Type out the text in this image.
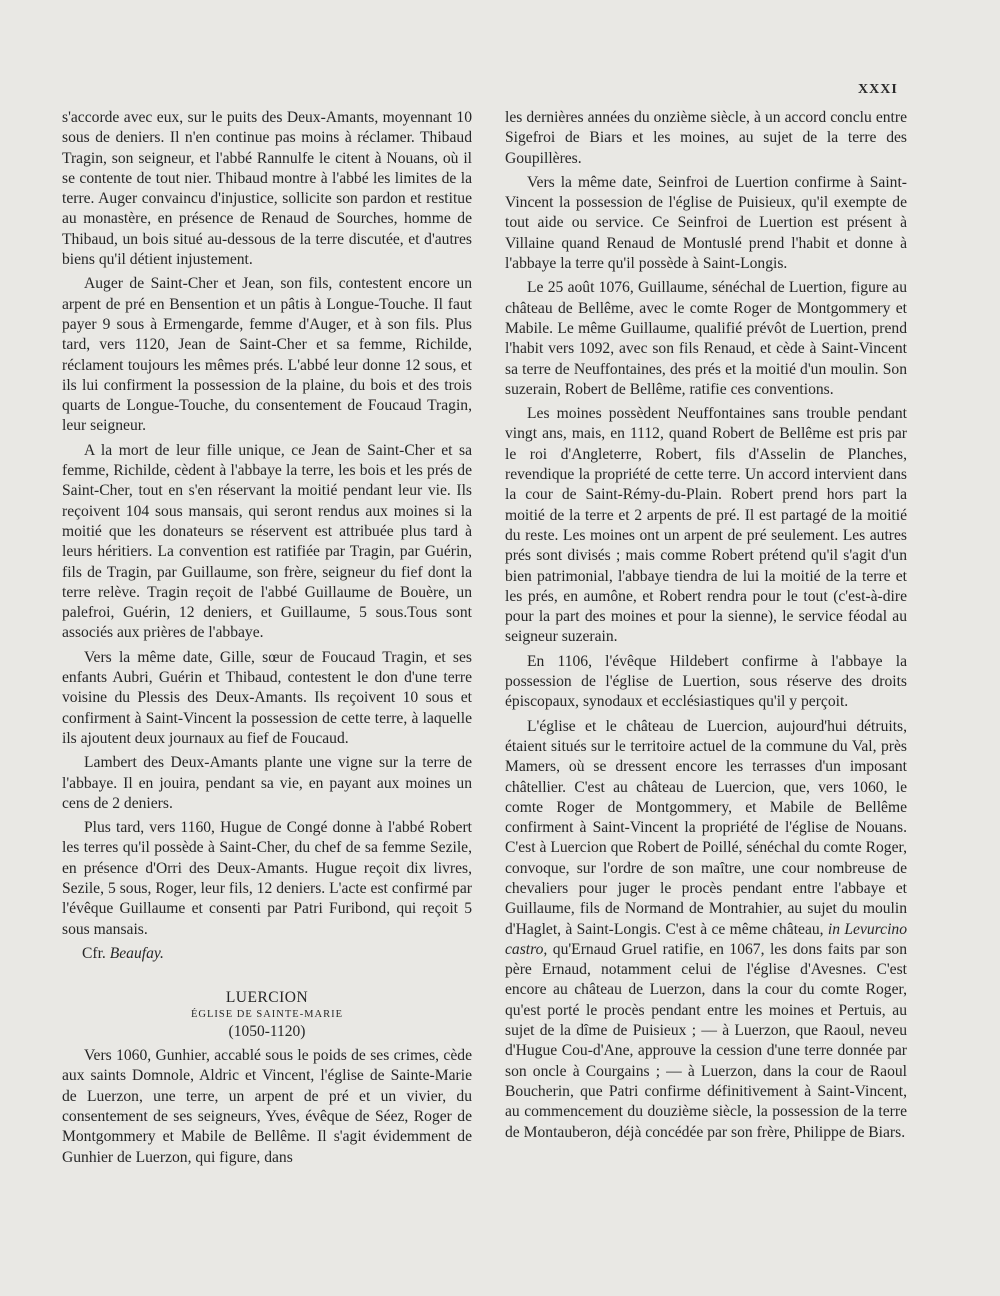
XXXI

s'accorde avec eux, sur le puits des Deux-Amants, moyennant 10 sous de deniers. Il n'en continue pas moins à réclamer. Thibaud Tragin, son seigneur, et l'abbé Rannulfe le citent à Nouans, où il se contente de tout nier. Thibaud montre à l'abbé les limites de la terre. Auger convaincu d'injustice, sollicite son pardon et restitue au monastère, en présence de Renaud de Sourches, homme de Thibaud, un bois situé au-dessous de la terre discutée, et d'autres biens qu'il détient injustement.

Auger de Saint-Cher et Jean, son fils, contestent encore un arpent de pré en Bensention et un pâtis à Longue-Touche. Il faut payer 9 sous à Ermengarde, femme d'Auger, et à son fils. Plus tard, vers 1120, Jean de Saint-Cher et sa femme, Richilde, réclament toujours les mêmes prés. L'abbé leur donne 12 sous, et ils lui confirment la possession de la plaine, du bois et des trois quarts de Longue-Touche, du consentement de Foucaud Tragin, leur seigneur.

A la mort de leur fille unique, ce Jean de Saint-Cher et sa femme, Richilde, cèdent à l'abbaye la terre, les bois et les prés de Saint-Cher, tout en s'en réservant la moitié pendant leur vie. Ils reçoivent 104 sous mansais, qui seront rendus aux moines si la moitié que les donateurs se réservent est attribuée plus tard à leurs héritiers. La convention est ratifiée par Tragin, par Guérin, fils de Tragin, par Guillaume, son frère, seigneur du fief dont la terre relève. Tragin reçoit de l'abbé Guillaume de Bouère, un palefroi, Guérin, 12 deniers, et Guillaume, 5 sous.Tous sont associés aux prières de l'abbaye.

Vers la même date, Gille, sœur de Foucaud Tragin, et ses enfants Aubri, Guérin et Thibaud, contestent le don d'une terre voisine du Plessis des Deux-Amants. Ils reçoivent 10 sous et confirment à Saint-Vincent la possession de cette terre, à laquelle ils ajoutent deux journaux au fief de Foucaud.

Lambert des Deux-Amants plante une vigne sur la terre de l'abbaye. Il en jouira, pendant sa vie, en payant aux moines un cens de 2 deniers.

Plus tard, vers 1160, Hugue de Congé donne à l'abbé Robert les terres qu'il possède à Saint-Cher, du chef de sa femme Sezile, en présence d'Orri des Deux-Amants. Hugue reçoit dix livres, Sezile, 5 sous, Roger, leur fils, 12 deniers. L'acte est confirmé par l'évêque Guillaume et consenti par Patri Furibond, qui reçoit 5 sous mansais.

Cfr. Beaufay.
LUERCION
ÉGLISE DE SAINTE-MARIE
(1050-1120)

Vers 1060, Gunhier, accablé sous le poids de ses crimes, cède aux saints Domnole, Aldric et Vincent, l'église de Sainte-Marie de Luerzon, une terre, un arpent de pré et un vivier, du consentement de ses seigneurs, Yves, évêque de Séez, Roger de Montgommery et Mabile de Bellême. Il s'agit évidemment de Gunhier de Luerzon, qui figure, dans

les dernières années du onzième siècle, à un accord conclu entre Sigefroi de Biars et les moines, au sujet de la terre des Goupillères.

Vers la même date, Seinfroi de Luertion confirme à Saint-Vincent la possession de l'église de Puisieux, qu'il exempte de tout aide ou service. Ce Seinfroi de Luertion est présent à Villaine quand Renaud de Montuslé prend l'habit et donne à l'abbaye la terre qu'il possède à Saint-Longis.

Le 25 août 1076, Guillaume, sénéchal de Luertion, figure au château de Bellême, avec le comte Roger de Montgommery et Mabile. Le même Guillaume, qualifié prévôt de Luertion, prend l'habit vers 1092, avec son fils Renaud, et cède à Saint-Vincent sa terre de Neuffontaines, des prés et la moitié d'un moulin. Son suzerain, Robert de Bellême, ratifie ces conventions.

Les moines possèdent Neuffontaines sans trouble pendant vingt ans, mais, en 1112, quand Robert de Bellême est pris par le roi d'Angleterre, Robert, fils d'Asselin de Planches, revendique la propriété de cette terre. Un accord intervient dans la cour de Saint-Rémy-du-Plain. Robert prend hors part la moitié de la terre et 2 arpents de pré. Il est partagé de la moitié du reste. Les moines ont un arpent de pré seulement. Les autres prés sont divisés ; mais comme Robert prétend qu'il s'agit d'un bien patrimonial, l'abbaye tiendra de lui la moitié de la terre et les prés, en aumône, et Robert rendra pour le tout (c'est-à-dire pour la part des moines et pour la sienne), le service féodal au seigneur suzerain.

En 1106, l'évêque Hildebert confirme à l'abbaye la possession de l'église de Luertion, sous réserve des droits épiscopaux, synodaux et ecclésiastiques qu'il y perçoit.

L'église et le château de Luercion, aujourd'hui détruits, étaient situés sur le territoire actuel de la commune du Val, près Mamers, où se dressent encore les terrasses d'un imposant châtellier. C'est au château de Luercion, que, vers 1060, le comte Roger de Montgommery, et Mabile de Bellême confirment à Saint-Vincent la propriété de l'église de Nouans. C'est à Luercion que Robert de Poillé, sénéchal du comte Roger, convoque, sur l'ordre de son maître, une cour nombreuse de chevaliers pour juger le procès pendant entre l'abbaye et Guillaume, fils de Normand de Montrahier, au sujet du moulin d'Haglet, à Saint-Longis. C'est à ce même château, in Levurcino castro, qu'Ernaud Gruel ratifie, en 1067, les dons faits par son père Ernaud, notamment celui de l'église d'Avesnes. C'est encore au château de Luerzon, dans la cour du comte Roger, qu'est porté le procès pendant entre les moines et Pertuis, au sujet de la dîme de Puisieux ; — à Luerzon, que Raoul, neveu d'Hugue Cou-d'Ane, approuve la cession d'une terre donnée par son oncle à Courgains ; — à Luerzon, dans la cour de Raoul Boucherin, que Patri confirme définitivement à Saint-Vincent, au commencement du douzième siècle, la possession de la terre de Montauberon, déjà concédée par son frère, Philippe de Biars.
